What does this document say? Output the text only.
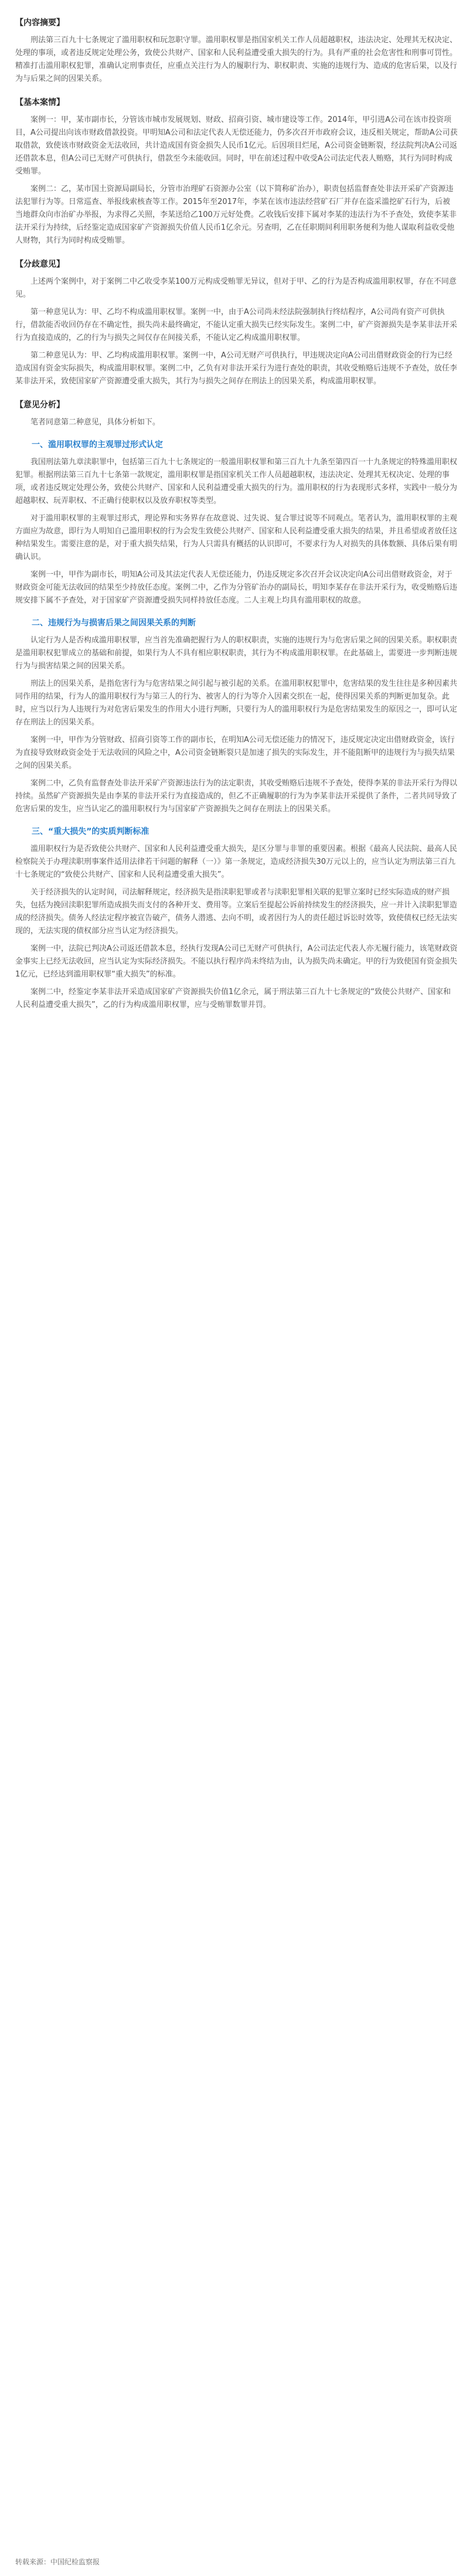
【内容摘要】

刑法第三百九十七条规定了滥用职权和玩忽职守罪。滥用职权罪是指国家机关工作人员超越职权，违法决定、处理其无权决定、处理的事项，或者违反规定处理公务，致使公共财产、国家和人民利益遭受重大损失的行为。具有严重的社会危害性和刑事可罚性。精准打击滥用职权犯罪，准确认定刑事责任，应重点关注行为人的履职行为、职权职责、实施的违规行为、造成的危害后果，以及行为与后果之间的因果关系。

【基本案情】

案例一：甲，某市副市长，分管该市城市发展规划、财政、招商引资、城市建设等工作。2014年，甲引进A公司在该市投资项目，A公司提出向该市财政借款投资。甲明知A公司和法定代表人无偿还能力，仍多次召开市政府会议，违反相关规定，帮助A公司获取借款，致使该市财政资金无法收回，共计造成国有资金损失人民币1亿元。后因项目烂尾，A公司资金链断裂，经法院判决A公司返还借款本息，但A公司已无财产可供执行，借款至今未能收回。同时，甲在前述过程中收受A公司法定代表人贿赂，其行为同时构成受贿罪。

案例二：乙，某市国土资源局副局长，分管市治理矿石资源办公室（以下简称矿治办），职责包括监督查处非法开采矿产资源违法犯罪行为等。日常巡查、举报线索核查等工作。2015年至2017年，李某在该市违法经营矿石厂并存在盗采滥挖矿石行为，后被当地群众向市治矿办举报，为求得乙关照，李某送给乙100万元好处费。乙收钱后安排下属对李某的违法行为不予查处，致使李某非法开采行为持续，后经鉴定造成国家矿产资源损失价值人民币1亿余元。另查明，乙在任职期间利用职务便利为他人谋取利益收受他人财物，其行为同时构成受贿罪。

【分歧意见】

上述两个案例中，对于案例二中乙收受李某100万元构成受贿罪无异议，但对于甲、乙的行为是否构成滥用职权罪，存在不同意见。

第一种意见认为：甲、乙均不构成滥用职权罪。案例一中，由于A公司尚未经法院强制执行终结程序，A公司尚有资产可供执行，借款能否收回仍存在不确定性，损失尚未最终确定，不能认定重大损失已经实际发生。案例二中，矿产资源损失是李某非法开采行为直接造成的，乙的行为与损失之间仅存在间接关系，不能认定乙构成滥用职权罪。

第二种意见认为：甲、乙均构成滥用职权罪。案例一中，A公司无财产可供执行，甲违规决定向A公司出借财政资金的行为已经造成国有资金实际损失，构成滥用职权罪。案例二中，乙负有对非法开采行为进行查处的职责，其收受贿赂后违规不予查处，放任李某非法开采，致使国家矿产资源遭受重大损失，其行为与损失之间存在刑法上的因果关系，构成滥用职权罪。

【意见分析】

笔者同意第二种意见，具体分析如下。

一、滥用职权罪的主观罪过形式认定

我国刑法第九章渎职罪中，包括第三百九十七条规定的一般滥用职权罪和第三百九十九条至第四百一十九条规定的特殊滥用职权犯罪。根据刑法第三百九十七条第一款规定，滥用职权罪是指国家机关工作人员超越职权，违法决定、处理其无权决定、处理的事项，或者违反规定处理公务，致使公共财产、国家和人民利益遭受重大损失的行为。滥用职权的行为表现形式多样，实践中一般分为超越职权、玩弄职权、不正确行使职权以及放弃职权等类型。

对于滥用职权罪的主观罪过形式，理论界和实务界存在故意说、过失说、复合罪过说等不同观点。笔者认为，滥用职权罪的主观方面应为故意，即行为人明知自己滥用职权的行为会发生致使公共财产、国家和人民利益遭受重大损失的结果，并且希望或者放任这种结果发生。需要注意的是，对于重大损失结果，行为人只需具有概括的认识即可，不要求行为人对损失的具体数额、具体后果有明确认识。

案例一中，甲作为副市长，明知A公司及其法定代表人无偿还能力，仍违反规定多次召开会议决定向A公司出借财政资金，对于财政资金可能无法收回的结果至少持放任态度。案例二中，乙作为分管矿治办的副局长，明知李某存在非法开采行为，收受贿赂后违规安排下属不予查处，对于国家矿产资源遭受损失同样持放任态度。二人主观上均具有滥用职权的故意。

二、违规行为与损害后果之间因果关系的判断

认定行为人是否构成滥用职权罪，应当首先准确把握行为人的职权职责，实施的违规行为与危害后果之间的因果关系。职权职责是滥用职权犯罪成立的基础和前提，如果行为人不具有相应职权职责，其行为不构成滥用职权罪。在此基础上，需要进一步判断违规行为与损害结果之间的因果关系。

刑法上的因果关系，是指危害行为与危害结果之间引起与被引起的关系。在滥用职权犯罪中，危害结果的发生往往是多种因素共同作用的结果，行为人的滥用职权行为与第三人的行为、被害人的行为等介入因素交织在一起，使得因果关系的判断更加复杂。此时，应当以行为人违规行为对危害后果发生的作用大小进行判断，只要行为人的滥用职权行为是危害结果发生的原因之一，即可认定存在刑法上的因果关系。

案例一中，甲作为分管财政、招商引资等工作的副市长，在明知A公司无偿还能力的情况下，违反规定决定出借财政资金，该行为直接导致财政资金处于无法收回的风险之中，A公司资金链断裂只是加速了损失的实际发生，并不能阻断甲的违规行为与损失结果之间的因果关系。

案例二中，乙负有监督查处非法开采矿产资源违法行为的法定职责，其收受贿赂后违规不予查处，使得李某的非法开采行为得以持续。虽然矿产资源损失是由李某的非法开采行为直接造成的，但乙不正确履职的行为为李某非法开采提供了条件，二者共同导致了危害后果的发生，应当认定乙的滥用职权行为与国家矿产资源损失之间存在刑法上的因果关系。

三、“重大损失”的实质判断标准

滥用职权行为是否致使公共财产、国家和人民利益遭受重大损失，是区分罪与非罪的重要因素。根据《最高人民法院、最高人民检察院关于办理渎职刑事案件适用法律若干问题的解释（一）》第一条规定，造成经济损失30万元以上的，应当认定为刑法第三百九十七条规定的“致使公共财产、国家和人民利益遭受重大损失”。

关于经济损失的认定时间，司法解释规定，经济损失是指渎职犯罪或者与渎职犯罪相关联的犯罪立案时已经实际造成的财产损失，包括为挽回渎职犯罪所造成损失而支付的各种开支、费用等。立案后至提起公诉前持续发生的经济损失，应一并计入渎职犯罪造成的经济损失。债务人经法定程序被宣告破产，债务人潜逃、去向不明，或者因行为人的责任超过诉讼时效等，致使债权已经无法实现的，无法实现的债权部分应当认定为经济损失。

案例一中，法院已判决A公司返还借款本息，经执行发现A公司已无财产可供执行，A公司法定代表人亦无履行能力，该笔财政资金事实上已经无法收回，应当认定为实际经济损失。不能以执行程序尚未终结为由，认为损失尚未确定。甲的行为致使国有资金损失1亿元，已经达到滥用职权罪“重大损失”的标准。

案例二中，经鉴定李某非法开采造成国家矿产资源损失价值1亿余元，属于刑法第三百九十七条规定的“致使公共财产、国家和人民利益遭受重大损失”，乙的行为构成滥用职权罪，应与受贿罪数罪并罚。

转载来源：中国纪检监察报
